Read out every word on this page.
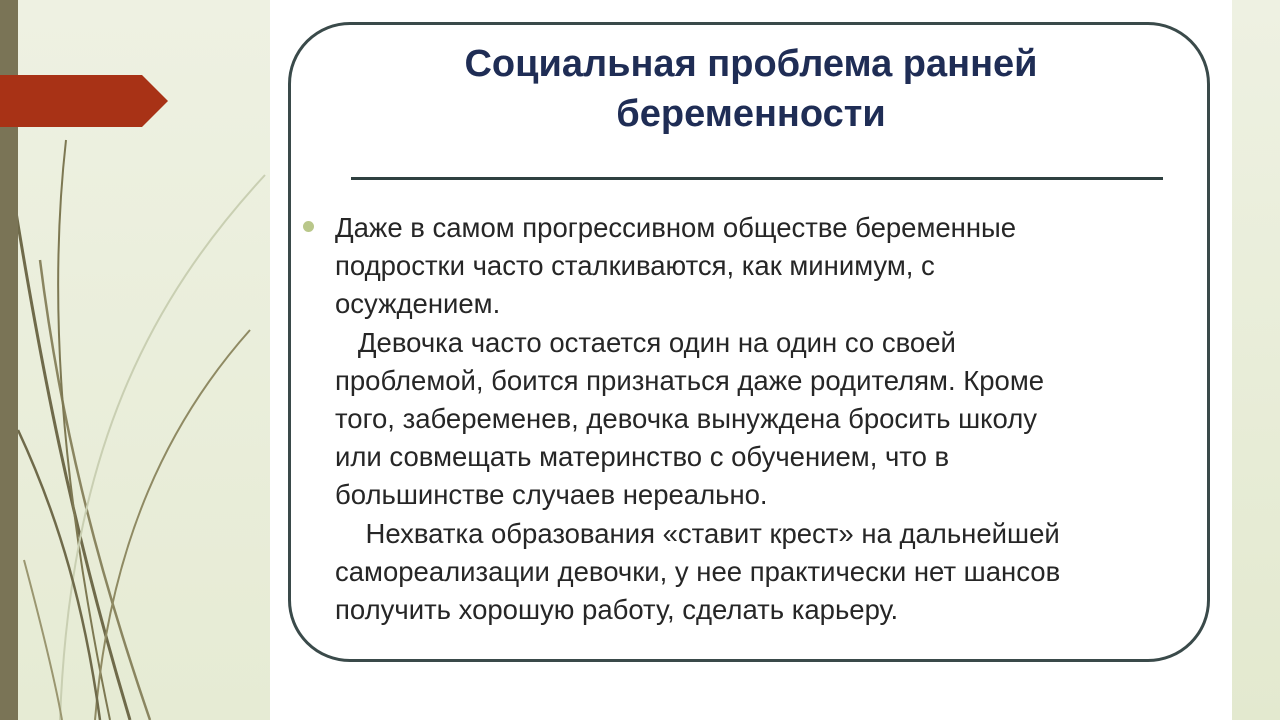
Социальная проблема ранней
беременности

Даже в самом прогрессивном обществе беременные
подростки часто сталкиваются, как минимум, с
осуждением.
Девочка часто остается один на один со своей
проблемой, боится признаться даже родителям. Кроме
того, забеременев, девочка вынуждена бросить школу
или совмещать материнство с обучением, что в
большинстве случаев нереально.
Нехватка образования «ставит крест» на дальнейшей
самореализации девочки, у нее практически нет шансов
получить хорошую работу, сделать карьеру.
